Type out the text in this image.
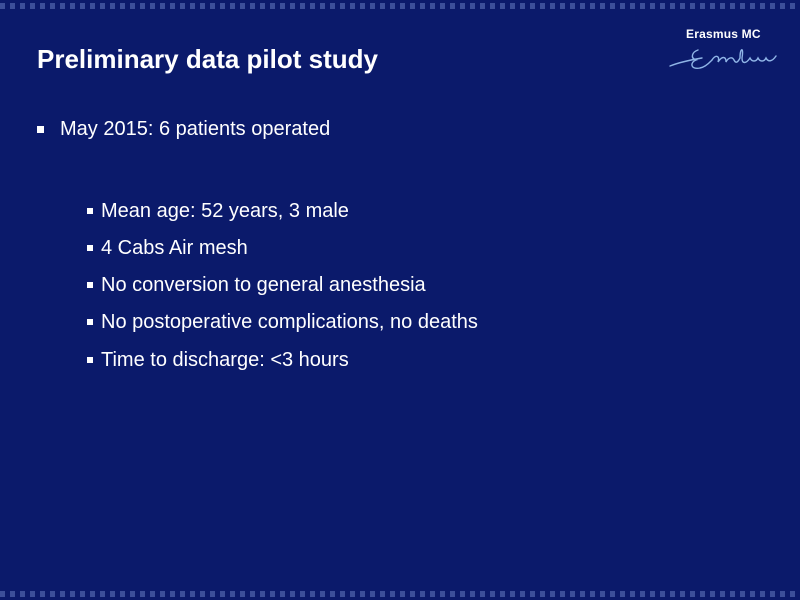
Preliminary data pilot study
Erasmus MC
May 2015: 6 patients operated
Mean age: 52 years, 3 male
4 Cabs Air mesh
No conversion to general anesthesia
No postoperative complications, no deaths
Time to discharge: <3 hours
